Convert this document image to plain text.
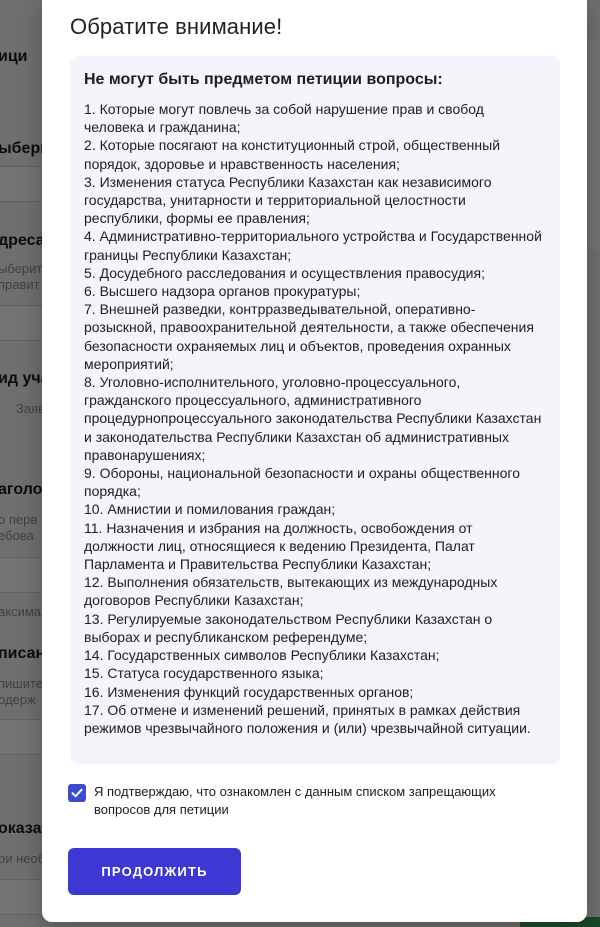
Обратите внимание!
Не могут быть предметом петиции вопросы:
1. Которые могут повлечь за собой нарушение прав и свобод человека и гражданина;
2. Которые посягают на конституционный строй, общественный порядок, здоровье и нравственность населения;
3. Изменения статуса Республики Казахстан как независимого государства, унитарности и территориальной целостности республики, формы ее правления;
4. Административно-территориального устройства и Государственной границы Республики Казахстан;
5. Досудебного расследования и осуществления правосудия;
6. Высшего надзора органов прокуратуры;
7. Внешней разведки, контрразведывательной, оперативно-розыскной, правоохранительной деятельности, а также обеспечения безопасности охраняемых лиц и объектов, проведения охранных мероприятий;
8. Уголовно-исполнительного, уголовно-процессуального, гражданского процессуального, административного процедурнопроцессуального законодательства Республики Казахстан и законодательства Республики Казахстан об административных правонарушениях;
9. Обороны, национальной безопасности и охраны общественного порядка;
10. Амнистии и помилования граждан;
11. Назначения и избрания на должность, освобождения от должности лиц, относящиеся к ведению Президента, Палат Парламента и Правительства Республики Казахстан;
12. Выполнения обязательств, вытекающих из международных договоров Республики Казахстан;
13. Регулируемые законодательством Республики Казахстан о выборах и республиканском референдуме;
14. Государственных символов Республики Казахстан;
15. Статуса государственного языка;
16. Изменения функций государственных органов;
17. Об отмене и изменений решений, принятых в рамках действия режимов чрезвычайного положения и (или) чрезвычайной ситуации.
Я подтверждаю, что ознакомлен с данным списком запрещающих вопросов для петиции
ПРОДОЛЖИТЬ
